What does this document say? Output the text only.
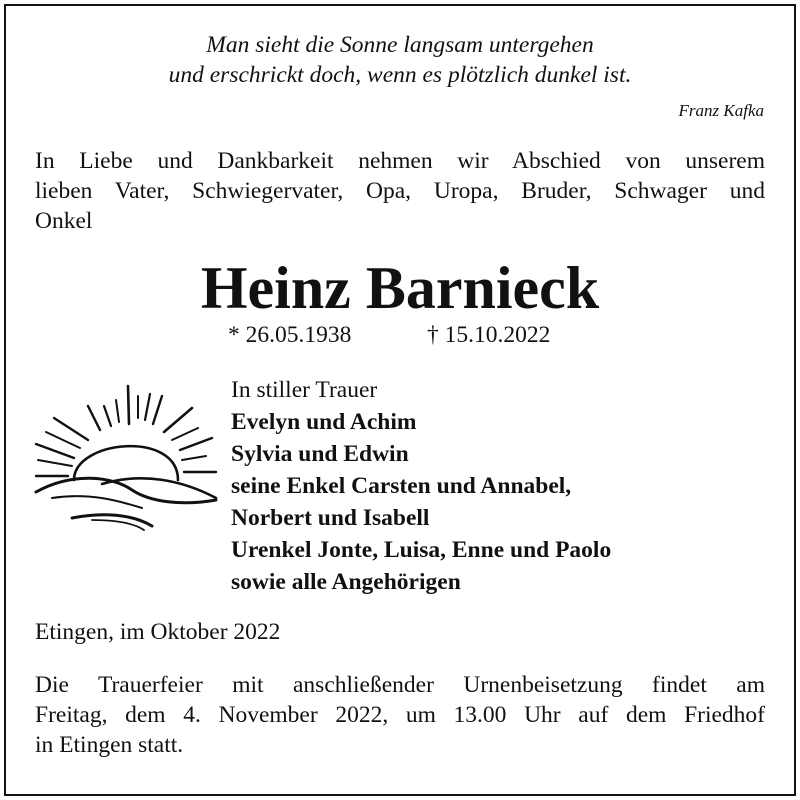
Man sieht die Sonne langsam untergehen
und erschrickt doch, wenn es plötzlich dunkel ist.
Franz Kafka
In Liebe und Dankbarkeit nehmen wir Abschied von unserem
lieben Vater, Schwiegervater, Opa, Uropa, Bruder, Schwager und
Onkel
Heinz Barnieck
* 26.05.1938	† 15.10.2022
In stiller Trauer
Evelyn und Achim
Sylvia und Edwin
seine Enkel Carsten und Annabel,
Norbert und Isabell
Urenkel Jonte, Luisa, Enne und Paolo
sowie alle Angehörigen
Etingen, im Oktober 2022
Die Trauerfeier mit anschließender Urnenbeisetzung findet am
Freitag, dem 4. November 2022, um 13.00 Uhr auf dem Friedhof
in Etingen statt.
